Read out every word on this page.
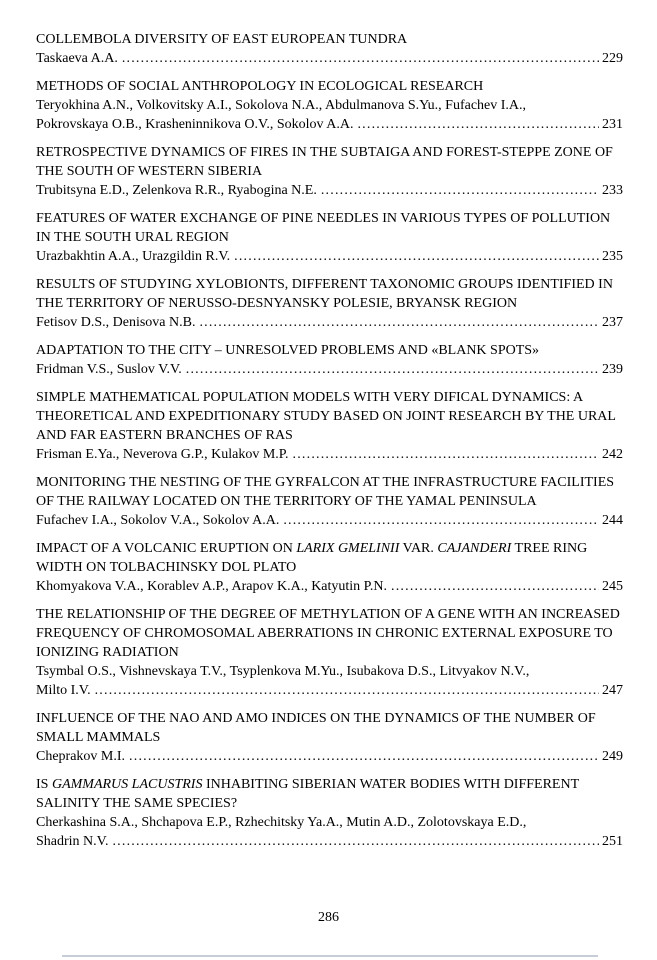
COLLEMBOLA DIVERSITY OF EAST EUROPEAN TUNDRA
Taskaeva A.A. .....	229
METHODS OF SOCIAL ANTHROPOLOGY IN ECOLOGICAL RESEARCH
Teryokhina A.N., Volkovitsky A.I., Sokolova N.A., Abdulmanova S.Yu., Fufachev I.A.,
Pokrovskaya O.B., Krasheninnikova O.V., Sokolov A.A. .....	231
RETROSPECTIVE DYNAMICS OF FIRES IN THE SUBTAIGA AND FOREST-STEPPE ZONE OF THE SOUTH OF WESTERN SIBERIA
Trubitsyna E.D., Zelenkova R.R., Ryabogina N.E. .....	233
FEATURES OF WATER EXCHANGE OF PINE NEEDLES IN VARIOUS TYPES OF POLLUTION IN THE SOUTH URAL REGION
Urazbakhtin A.A., Urazgildin R.V. .....	235
RESULTS OF STUDYING XYLOBIONTS, DIFFERENT TAXONOMIC GROUPS IDENTIFIED IN THE TERRITORY OF NERUSSO-DESNYANSKY POLESIE, BRYANSK REGION
Fetisov D.S., Denisova N.B. .....	237
ADAPTATION TO THE CITY – UNRESOLVED PROBLEMS AND «BLANK SPOTS»
Fridman V.S., Suslov V.V. .....	239
SIMPLE MATHEMATICAL POPULATION MODELS WITH VERY DIFICAL DYNAMICS: A THEORETICAL AND EXPEDITIONARY STUDY BASED ON JOINT RESEARCH BY THE URAL AND FAR EASTERN BRANCHES OF RAS
Frisman E.Ya., Neverova G.P., Kulakov M.P. .....	242
MONITORING THE NESTING OF THE GYRFALCON AT THE INFRASTRUCTURE FACILITIES OF THE RAILWAY LOCATED ON THE TERRITORY OF THE YAMAL PENINSULA
Fufachev I.A., Sokolov V.A., Sokolov A.A. .....	244
IMPACT OF A VOLCANIC ERUPTION ON LARIX GMELINII VAR. CAJANDERI TREE RING WIDTH ON TOLBACHINSKY DOL PLATO
Khomyakova V.A., Korablev A.P., Arapov K.A., Katyutin P.N. .....	245
THE RELATIONSHIP OF THE DEGREE OF METHYLATION OF A GENE WITH AN INCREASED FREQUENCY OF CHROMOSOMAL ABERRATIONS IN CHRONIC EXTERNAL EXPOSURE TO IONIZING RADIATION
Tsymbal O.S., Vishnevskaya T.V., Tsyplenkova M.Yu., Isubakova D.S., Litvyakov N.V.,
Milto I.V. .....	247
INFLUENCE OF THE NAO AND AMO INDICES ON THE DYNAMICS OF THE NUMBER OF SMALL MAMMALS
Cheprakov M.I. .....	249
IS GAMMARUS LACUSTRIS INHABITING SIBERIAN WATER BODIES WITH DIFFERENT SALINITY THE SAME SPECIES?
Cherkashina S.A., Shchapova E.P., Rzhechitsky Ya.A., Mutin A.D., Zolotovskaya E.D.,
Shadrin N.V. .....	251
286
